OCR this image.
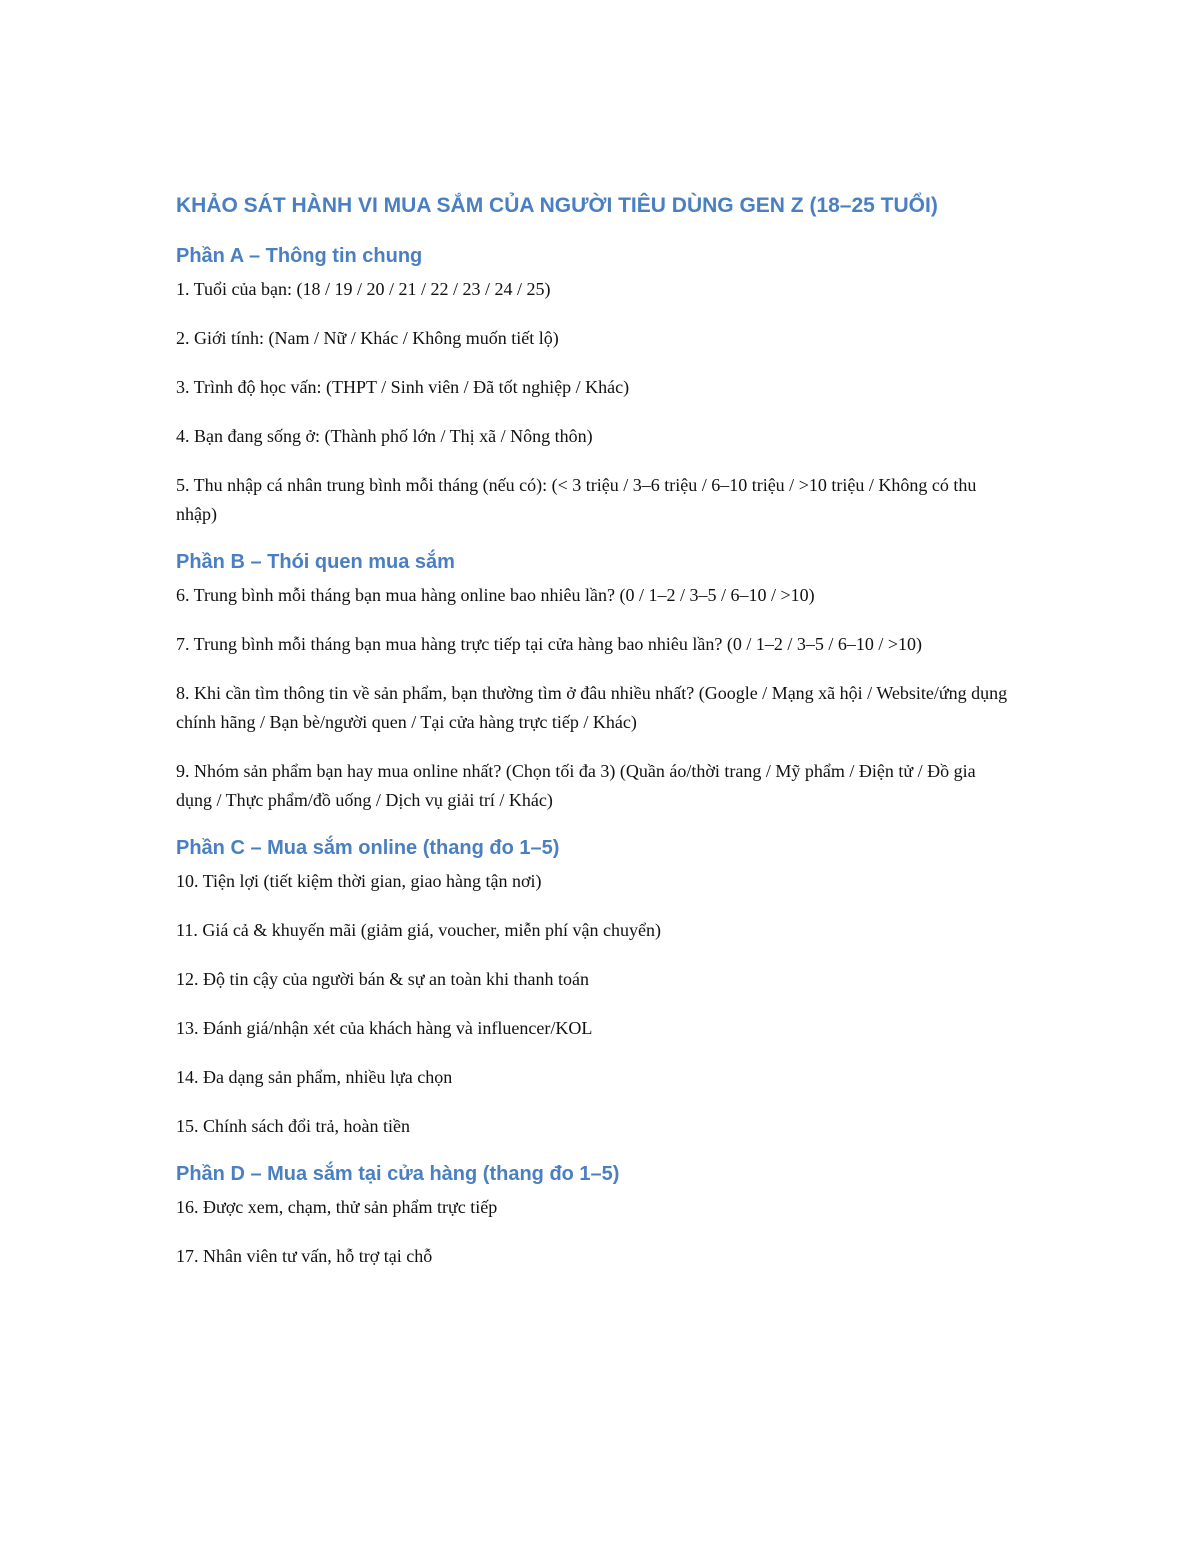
KHẢO SÁT HÀNH VI MUA SẮM CỦA NGƯỜI TIÊU DÙNG GEN Z (18–25 TUỔI)
Phần A – Thông tin chung

1. Tuổi của bạn: (18 / 19 / 20 / 21 / 22 / 23 / 24 / 25)

2. Giới tính: (Nam / Nữ / Khác / Không muốn tiết lộ)

3. Trình độ học vấn: (THPT / Sinh viên / Đã tốt nghiệp / Khác)

4. Bạn đang sống ở: (Thành phố lớn / Thị xã / Nông thôn)

5. Thu nhập cá nhân trung bình mỗi tháng (nếu có): (< 3 triệu / 3–6 triệu / 6–10 triệu / >10 triệu / Không có thu nhập)

Phần B – Thói quen mua sắm

6. Trung bình mỗi tháng bạn mua hàng online bao nhiêu lần? (0 / 1–2 / 3–5 / 6–10 / >10)

7. Trung bình mỗi tháng bạn mua hàng trực tiếp tại cửa hàng bao nhiêu lần? (0 / 1–2 / 3–5 / 6–10 / >10)

8. Khi cần tìm thông tin về sản phẩm, bạn thường tìm ở đâu nhiều nhất? (Google / Mạng xã hội / Website/ứng dụng chính hãng / Bạn bè/người quen / Tại cửa hàng trực tiếp / Khác)

9. Nhóm sản phẩm bạn hay mua online nhất? (Chọn tối đa 3) (Quần áo/thời trang / Mỹ phẩm / Điện tử / Đồ gia dụng / Thực phẩm/đồ uống / Dịch vụ giải trí / Khác)

Phần C – Mua sắm online (thang đo 1–5)

10. Tiện lợi (tiết kiệm thời gian, giao hàng tận nơi)

11. Giá cả & khuyến mãi (giảm giá, voucher, miễn phí vận chuyển)

12. Độ tin cậy của người bán & sự an toàn khi thanh toán

13. Đánh giá/nhận xét của khách hàng và influencer/KOL

14. Đa dạng sản phẩm, nhiều lựa chọn

15. Chính sách đổi trả, hoàn tiền

Phần D – Mua sắm tại cửa hàng (thang đo 1–5)

16. Được xem, chạm, thử sản phẩm trực tiếp

17. Nhân viên tư vấn, hỗ trợ tại chỗ
